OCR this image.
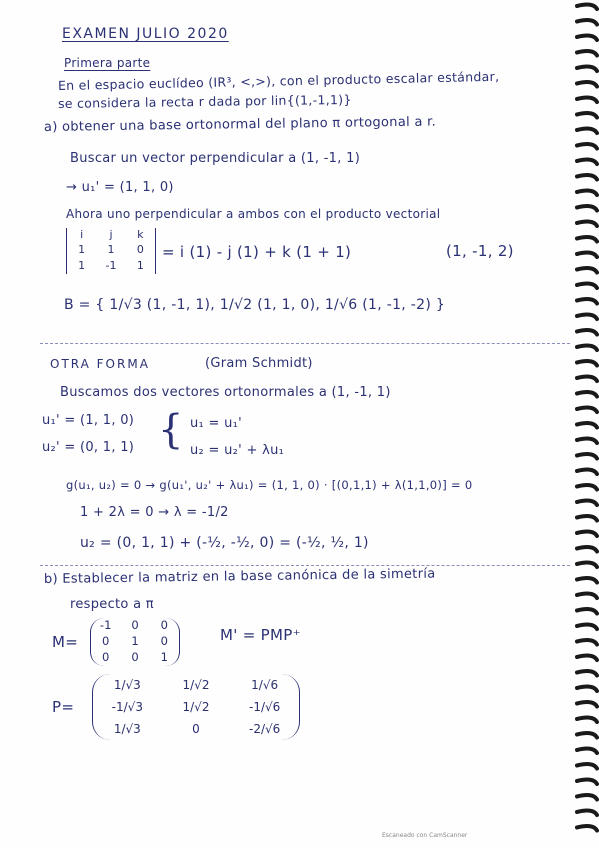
EXAMEN JULIO 2020
Primera parte
En el espacio euclídeo (IR³, <,>), con el producto escalar estándar,
se considera la recta r dada por lin{(1,-1,1)}
a) obtener una base ortonormal del plano π ortogonal a r.
Buscar un vector perpendicular a (1, -1, 1)
→ u₁' = (1, 1, 0)
Ahora uno perpendicular a ambos con el producto vectorial
i	j	k
1	1	0
1	-1	1
= i (1) - j (1) + k (1 + 1)	(1, -1, 2)
B = { 1/√3 (1, -1, 1), 1/√2 (1, 1, 0), 1/√6 (1, -1, -2) }
OTRA FORMA	(Gram Schmidt)
Buscamos dos vectores ortonormales a (1, -1, 1)
u₁' = (1, 1, 0)
u₂' = (0, 1, 1) { u₁ = u₁'
u₂ = u₂' + λu₁
g(u₁, u₂) = 0 → g(u₁', u₂' + λu₁) = (1, 1, 0) · [(0,1,1) + λ(1,1,0)] = 0
1 + 2λ = 0 → λ = -1/2
u₂ = (0, 1, 1) + (-½, -½, 0) = (-½, ½, 1)
b) Establecer la matriz en la base canónica de la simetría
respecto a π
M=
-1	0	0
0	1	0
0	0	1
M' = PMP⁺
P=
1/√3	1/√2	1/√6
-1/√3	1/√2	-1/√6
1/√3	0	-2/√6
Escaneado con CamScanner
